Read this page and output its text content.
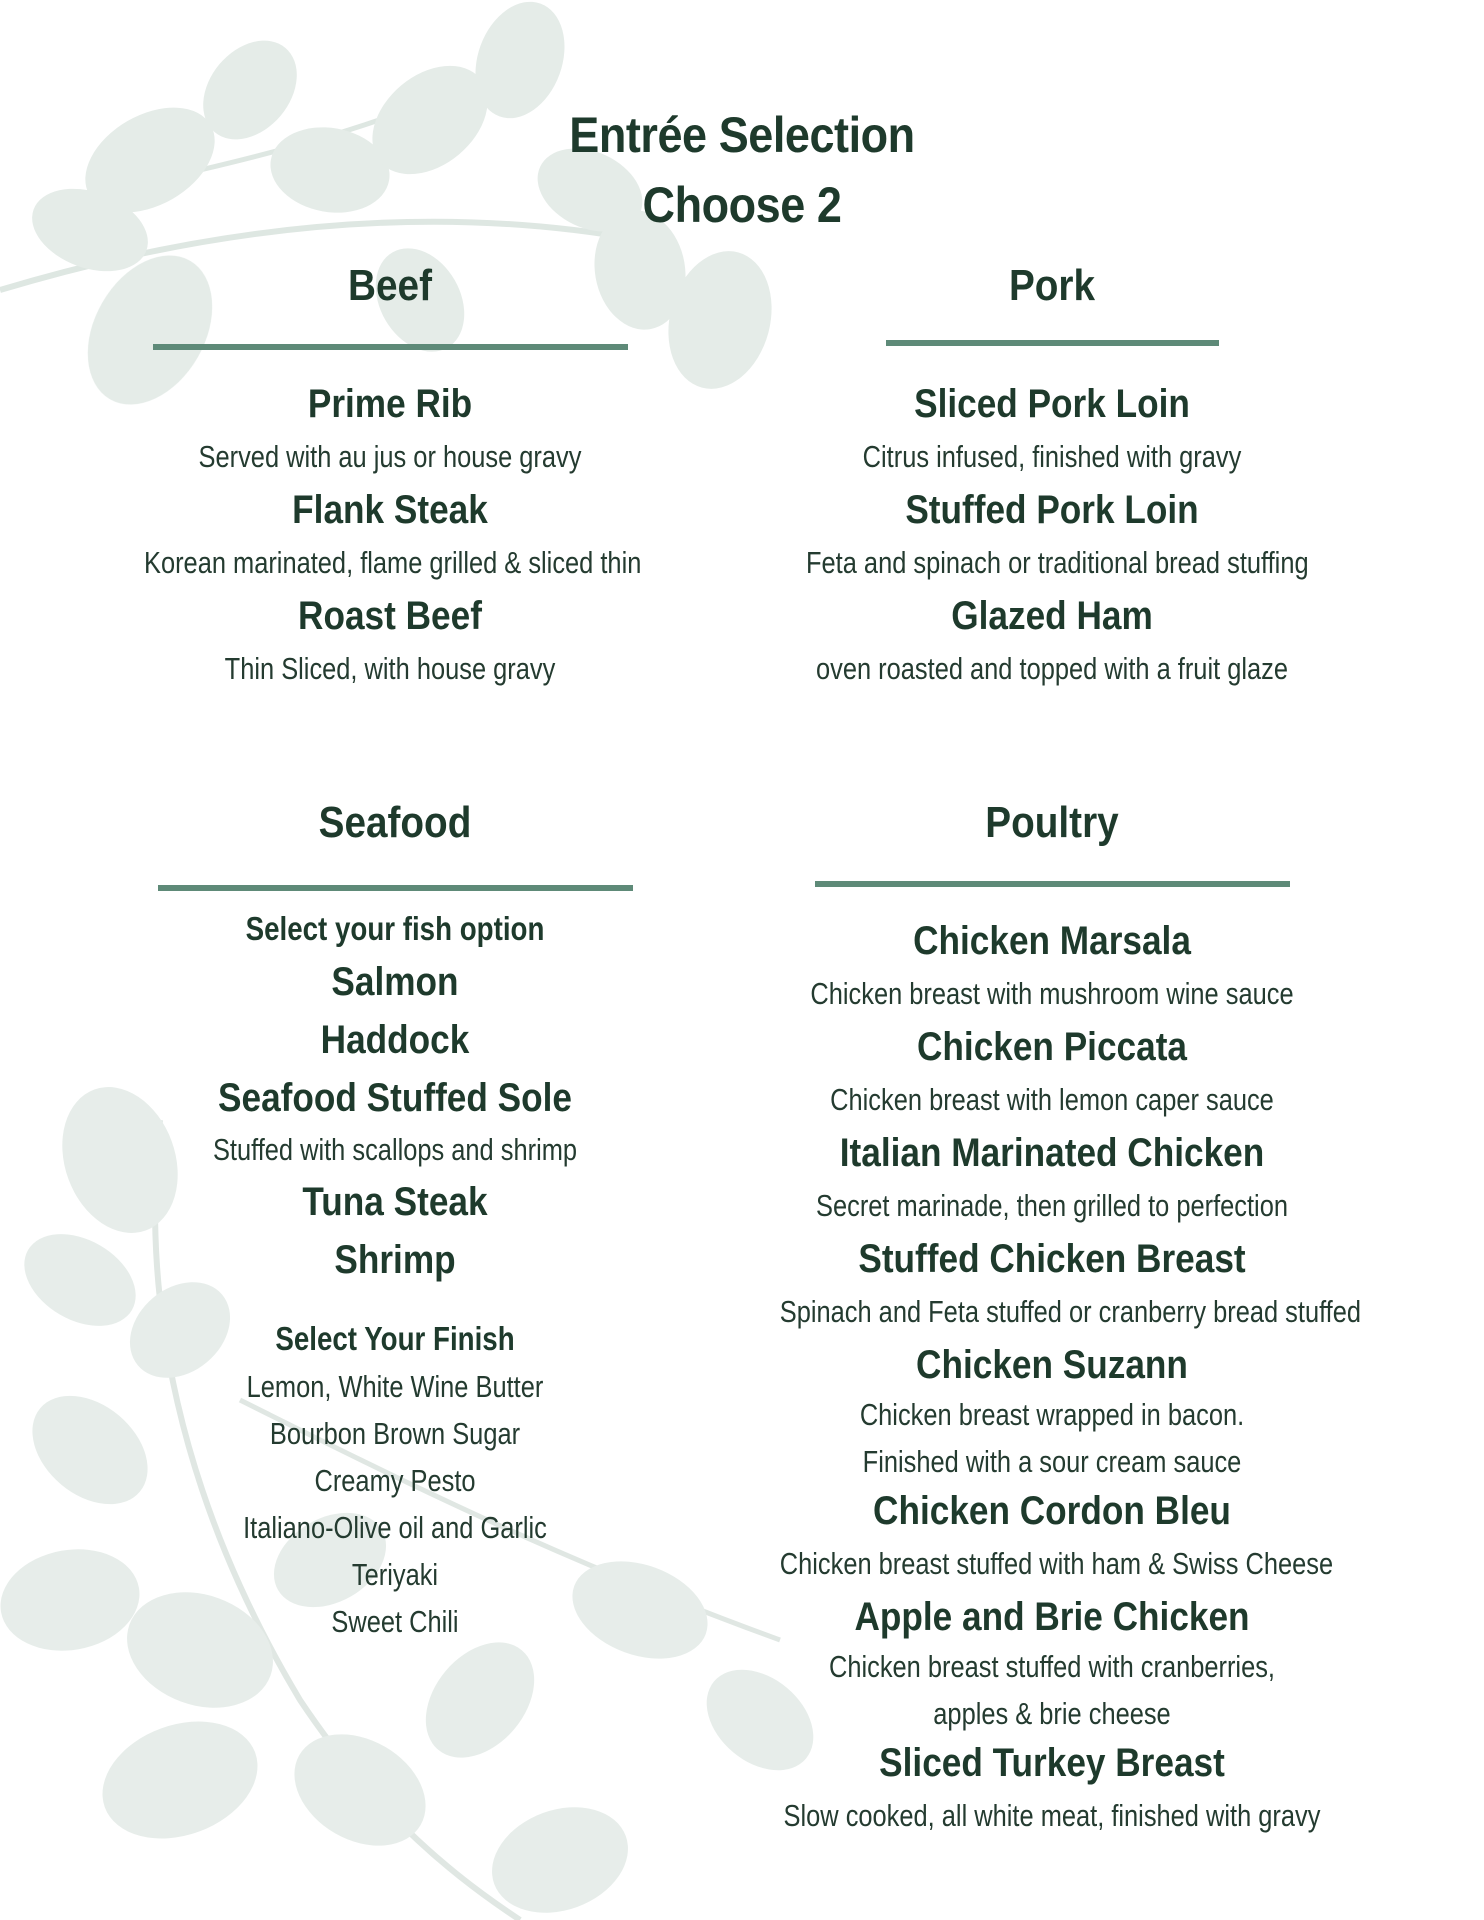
Entrée Selection
Choose 2
Beef
Prime Rib
Served with au jus or house gravy
Flank Steak
Korean marinated, flame grilled & sliced thin
Roast Beef
Thin Sliced, with house gravy
Pork
Sliced Pork Loin
Citrus infused, finished with gravy
Stuffed Pork Loin
Feta and spinach or traditional bread stuffing
Glazed Ham
oven roasted and topped with a fruit glaze
Seafood
Select your fish option
Salmon
Haddock
Seafood Stuffed Sole
Stuffed with scallops and shrimp
Tuna Steak
Shrimp
Select Your Finish
Lemon, White Wine Butter
Bourbon Brown Sugar
Creamy Pesto
Italiano-Olive oil and Garlic
Teriyaki
Sweet Chili
Poultry
Chicken Marsala
Chicken breast with mushroom wine sauce
Chicken Piccata
Chicken breast with lemon caper sauce
Italian Marinated Chicken
Secret marinade, then grilled to perfection
Stuffed Chicken Breast
Spinach and Feta stuffed or cranberry bread stuffed
Chicken Suzann
Chicken breast wrapped in bacon.
Finished with a sour cream sauce
Chicken Cordon Bleu
Chicken breast stuffed with ham & Swiss Cheese
Apple and Brie Chicken
Chicken breast stuffed with cranberries,
apples & brie cheese
Sliced Turkey Breast
Slow cooked, all white meat, finished with gravy
